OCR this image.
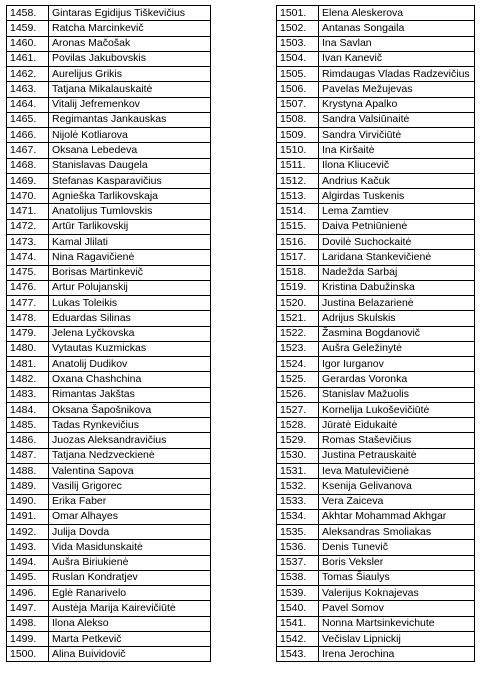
1458.	Gintaras Egidijus Tiškevičius
1459.	Ratcha Marcinkevič
1460.	Aronas Mačošak
1461.	Povilas Jakubovskis
1462.	Aurelijus Grikis
1463.	Tatjana Mikalauskaitė
1464.	Vitalij Jefremenkov
1465.	Regimantas Jankauskas
1466.	Nijolė Kotliarova
1467.	Oksana Lebedeva
1468.	Stanislavas Daugela
1469.	Stefanas Kasparavičius
1470.	Agnieška Tarlikovskaja
1471.	Anatolijus Tumlovskis
1472.	Artūr Tarlikovskij
1473.	Kamal Jlilati
1474.	Nina Ragavičienė
1475.	Borisas Martinkevič
1476.	Artur Polujanskij
1477.	Lukas Toleikis
1478.	Eduardas Silinas
1479.	Jelena Lyčkovska
1480.	Vytautas Kuzmickas
1481.	Anatolij Dudikov
1482.	Oxana Chashchina
1483.	Rimantas Jakštas
1484.	Oksana Šapošnikova
1485.	Tadas Rynkevičius
1486.	Juozas Aleksandravičius
1487.	Tatjana Nedzveckienė
1488.	Valentina Sapova
1489.	Vasilij Grigorec
1490.	Erika Faber
1491.	Omar Alhayes
1492.	Julija Dovda
1493.	Vida Masidunskaitė
1494.	Aušra Biriukienė
1495.	Ruslan Kondratjev
1496.	Eglė Ranarivelo
1497.	Austėja Marija Kairevičiūtė
1498.	Ilona Alekso
1499.	Marta Petkevič
1500.	Alina Buividovič
1501.	Elena Aleskerova
1502.	Antanas Songaila
1503.	Ina Savlan
1504.	Ivan Kanevič
1505.	Rimdaugas Vladas Radzevičius
1506.	Pavelas Mežujevas
1507.	Krystyna Apalko
1508.	Sandra Valsiūnaitė
1509.	Sandra Virvičiūtė
1510.	Ina Kiršaitė
1511.	Ilona Kliucevič
1512.	Andrius Kačuk
1513.	Algirdas Tuskenis
1514.	Lema Zamtiev
1515.	Daiva Petniūnienė
1516.	Dovilė Suchockaitė
1517.	Laridana Stankevičienė
1518.	Nadežda Sarbaj
1519.	Kristina Dabužinska
1520.	Justina Belazarienė
1521.	Adrijus Skulskis
1522.	Žasmina Bogdanovič
1523.	Aušra Geležinytė
1524.	Igor Iurganov
1525.	Gerardas Voronka
1526.	Stanislav Mažuolis
1527.	Kornelija Lukoševičiūtė
1528.	Jūratė Eidukaitė
1529.	Romas Staševičius
1530.	Justina Petrauskaitė
1531.	Ieva Matulevičienė
1532.	Ksenija Gelivanova
1533.	Vera Zaiceva
1534.	Akhtar Mohammad Akhgar
1535.	Aleksandras Smoliakas
1536.	Denis Tunevič
1537.	Boris Veksler
1538.	Tomas Šiaulys
1539.	Valerijus Koknajevas
1540.	Pavel Somov
1541.	Nonna Martsinkevichute
1542.	Večislav Lipnickij
1543.	Irena Jerochina
